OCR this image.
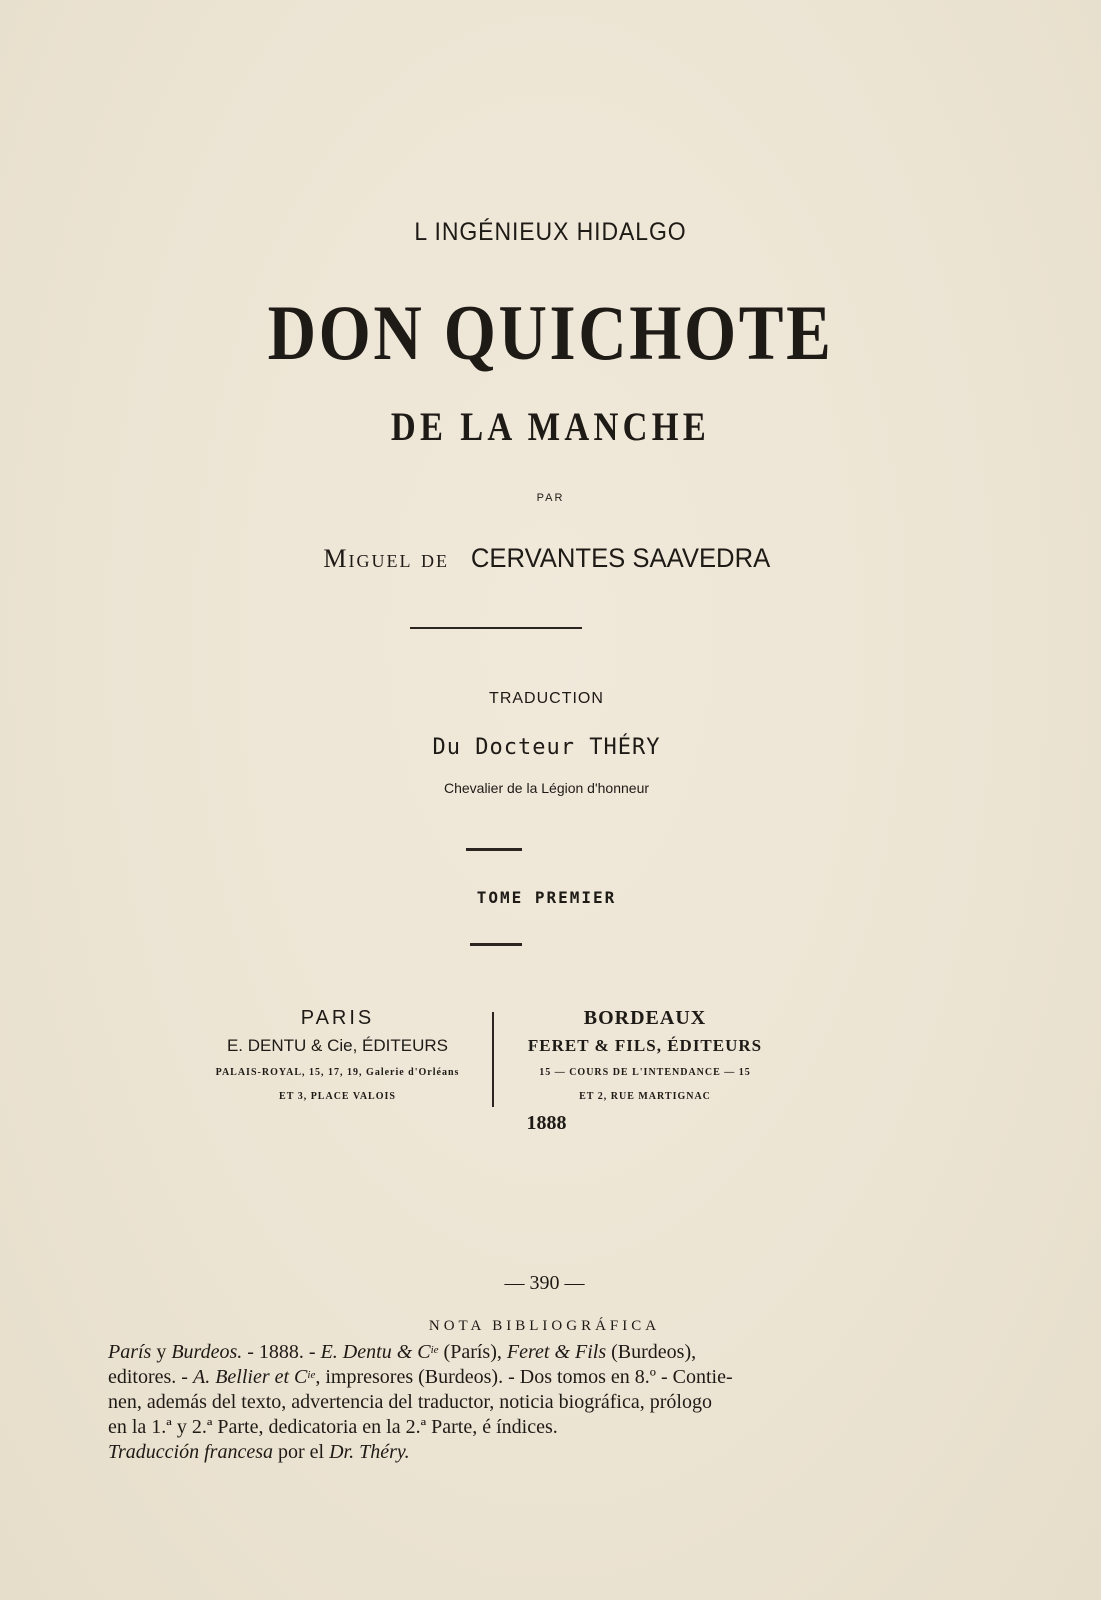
L INGÉNIEUX HIDALGO
DON QUICHOTE
DE LA MANCHE
PAR
Miguel de CERVANTES SAAVEDRA
TRADUCTION
Du Docteur THÉRY
Chevalier de la Légion d'honneur
TOME PREMIER
PARIS
E. DENTU & Cie, ÉDITEURS
PALAIS-ROYAL, 15, 17, 19, Galerie d'Orléans
ET 3, PLACE VALOIS
BORDEAUX
FERET & FILS, ÉDITEURS
15 — COURS DE L'INTENDANCE — 15
ET 2, RUE MARTIGNAC
1888
— 390 —
NOTA BIBLIOGRÁFICA
París y Burdeos. - 1888. - E. Dentu & $C^{ie}$ (París), Feret & Fils (Burdeos),
editores. - A. Bellier et $C^{ie}$, impresores (Burdeos). - Dos tomos en 8.º - Contie-
nen, además del texto, advertencia del traductor, noticia biográfica, prólogo
en la 1.ª y 2.ª Parte, dedicatoria en la 2.ª Parte, é índices.
Traducción francesa por el Dr. Théry.
